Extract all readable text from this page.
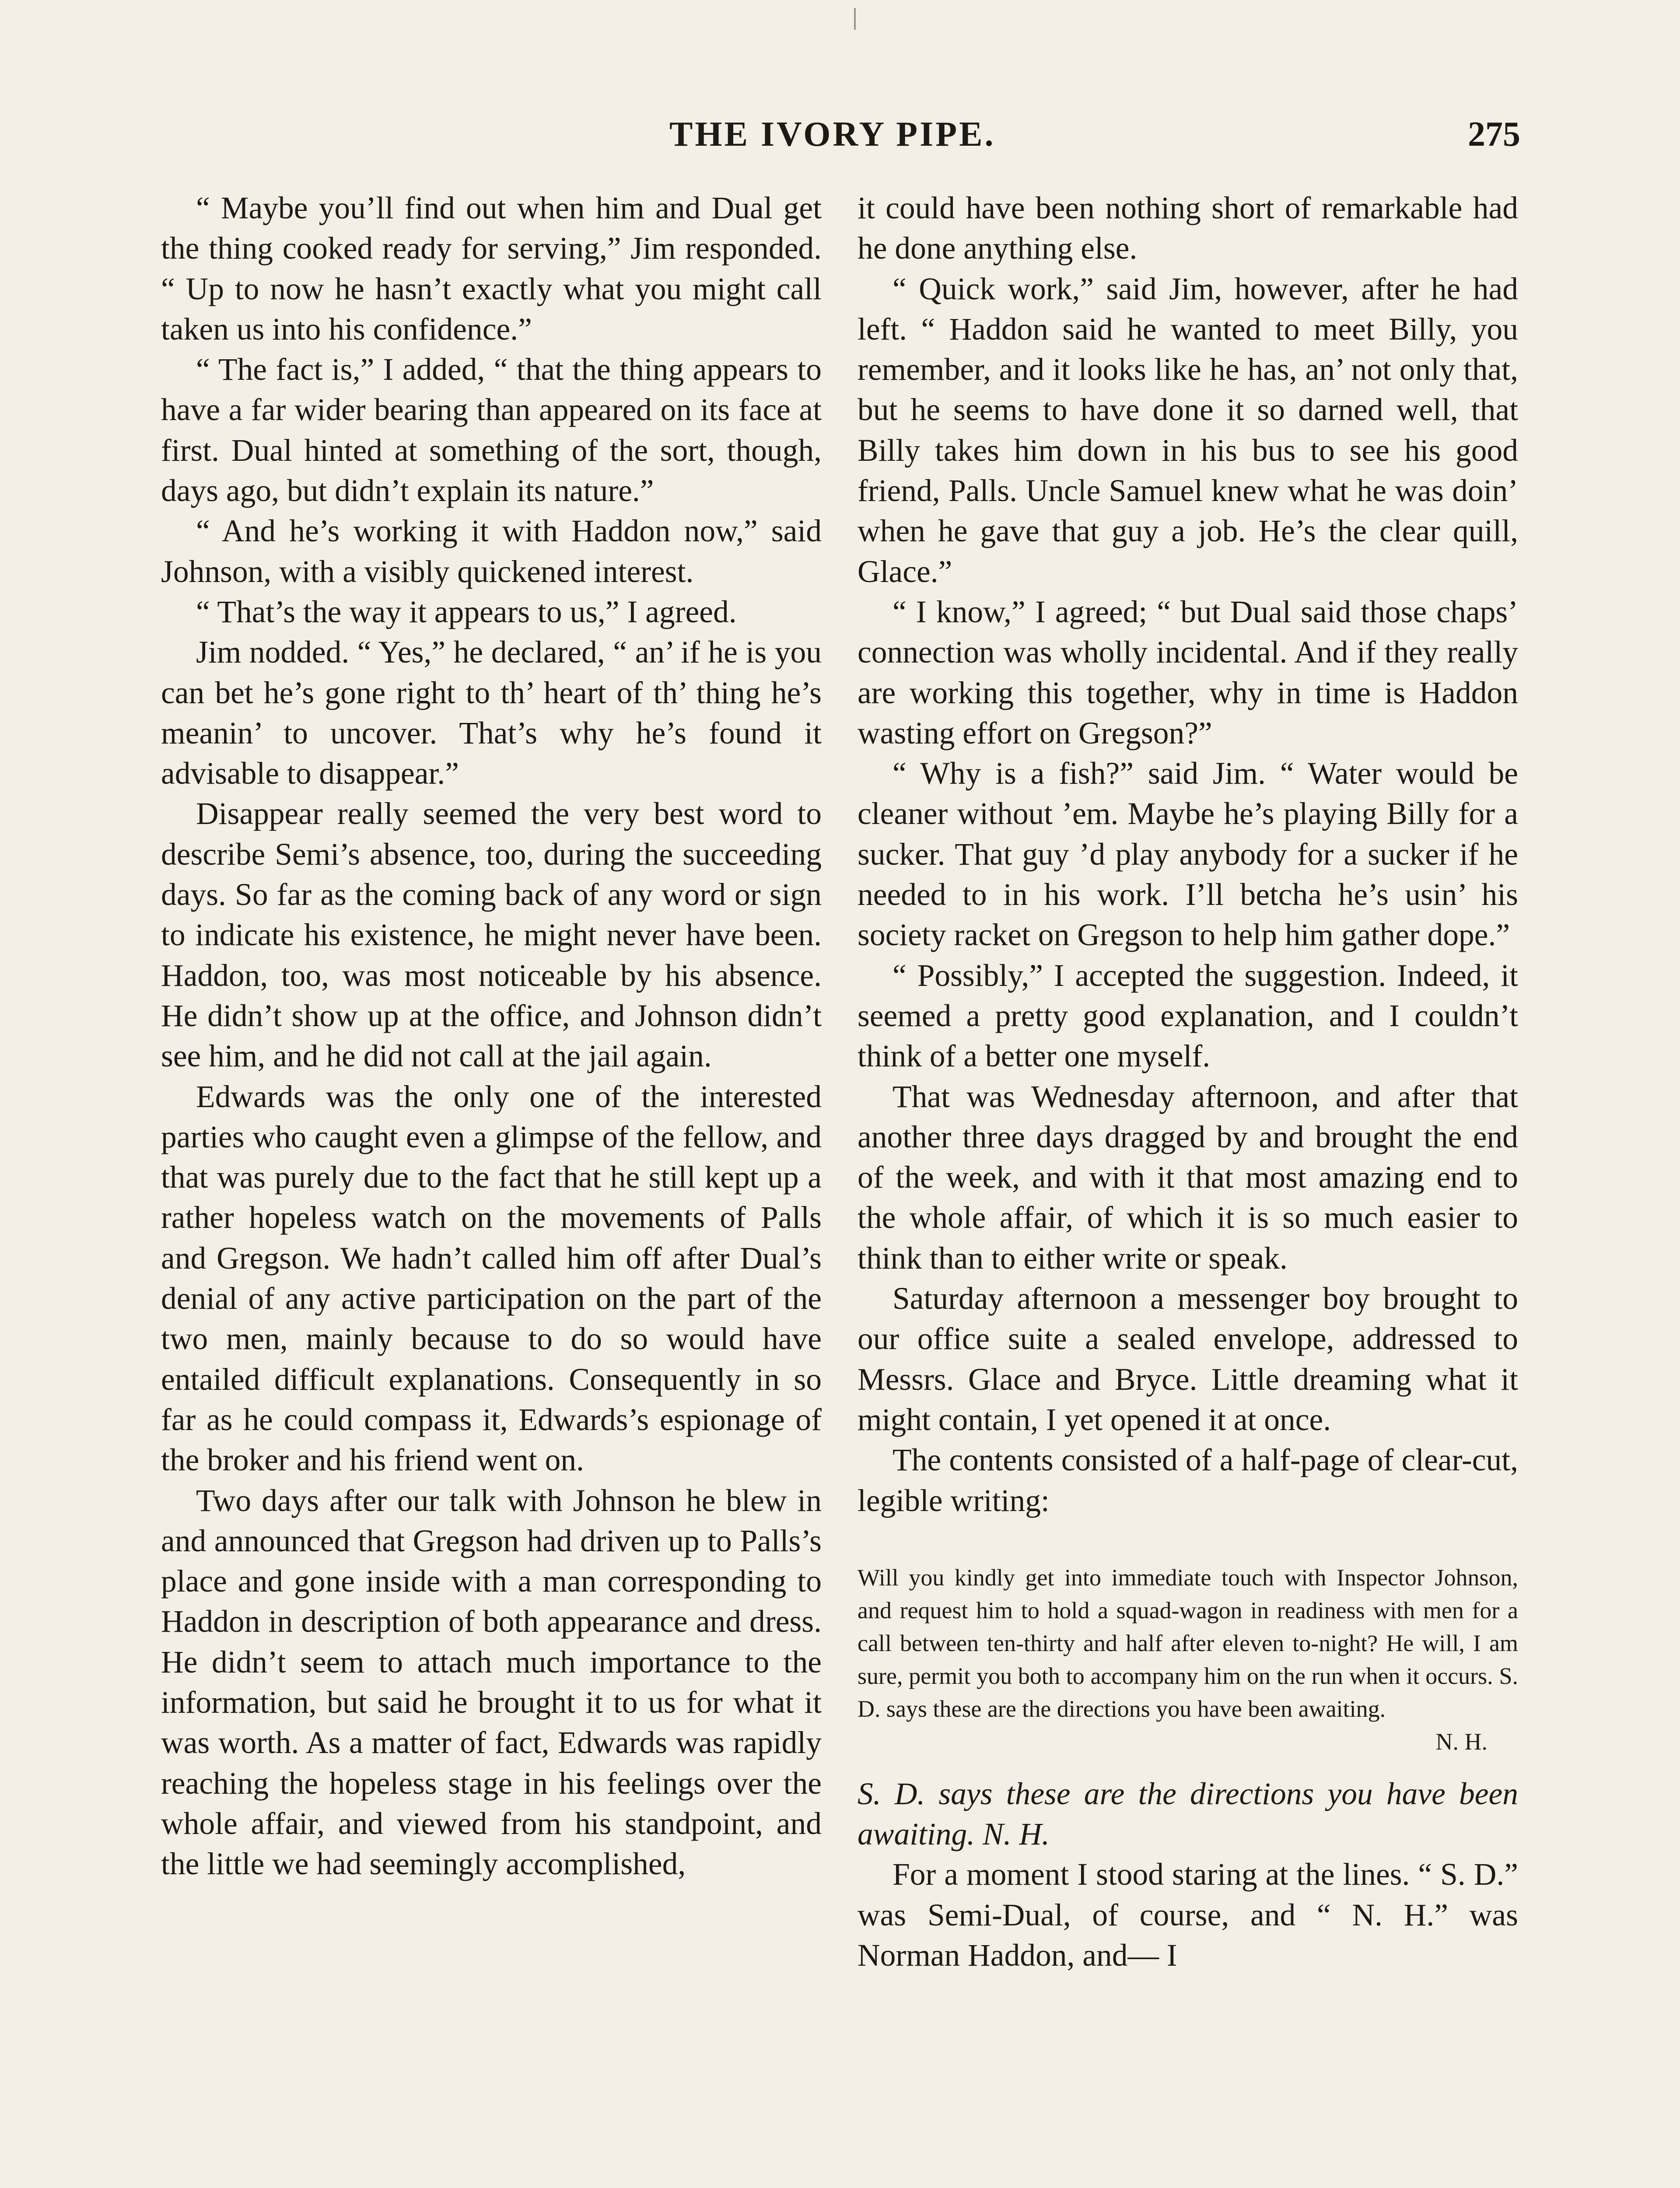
THE IVORY PIPE.	275

“ Maybe you’ll find out when him and Dual get the thing cooked ready for serving,” Jim responded. “ Up to now he hasn’t exactly what you might call taken us into his confidence.”

“ The fact is,” I added, “ that the thing appears to have a far wider bearing than appeared on its face at first. Dual hinted at something of the sort, though, days ago, but didn’t explain its nature.”

“ And he’s working it with Haddon now,” said Johnson, with a visibly quickened interest.

“ That’s the way it appears to us,” I agreed.

Jim nodded. “ Yes,” he declared, “ an’ if he is you can bet he’s gone right to th’ heart of th’ thing he’s meanin’ to uncover. That’s why he’s found it advisable to disappear.”

Disappear really seemed the very best word to describe Semi’s absence, too, during the succeeding days. So far as the coming back of any word or sign to indicate his existence, he might never have been. Haddon, too, was most noticeable by his absence. He didn’t show up at the office, and Johnson didn’t see him, and he did not call at the jail again.

Edwards was the only one of the interested parties who caught even a glimpse of the fellow, and that was purely due to the fact that he still kept up a rather hopeless watch on the movements of Palls and Gregson. We hadn’t called him off after Dual’s denial of any active participation on the part of the two men, mainly because to do so would have entailed difficult explanations. Consequently in so far as he could compass it, Edwards’s espionage of the broker and his friend went on.

Two days after our talk with Johnson he blew in and announced that Gregson had driven up to Palls’s place and gone inside with a man corresponding to Haddon in description of both appearance and dress. He didn’t seem to attach much importance to the information, but said he brought it to us for what it was worth. As a matter of fact, Edwards was rapidly reaching the hopeless stage in his feelings over the whole affair, and viewed from his standpoint, and the little we had seemingly accomplished,

it could have been nothing short of remarkable had he done anything else.

“ Quick work,” said Jim, however, after he had left. “ Haddon said he wanted to meet Billy, you remember, and it looks like he has, an’ not only that, but he seems to have done it so darned well, that Billy takes him down in his bus to see his good friend, Palls. Uncle Samuel knew what he was doin’ when he gave that guy a job. He’s the clear quill, Glace.”

“ I know,” I agreed; “ but Dual said those chaps’ connection was wholly incidental. And if they really are working this together, why in time is Haddon wasting effort on Gregson?”

“ Why is a fish?” said Jim. “ Water would be cleaner without ’em. Maybe he’s playing Billy for a sucker. That guy ’d play anybody for a sucker if he needed to in his work. I’ll betcha he’s usin’ his society racket on Gregson to help him gather dope.”

“ Possibly,” I accepted the suggestion. Indeed, it seemed a pretty good explanation, and I couldn’t think of a better one myself.

That was Wednesday afternoon, and after that another three days dragged by and brought the end of the week, and with it that most amazing end to the whole affair, of which it is so much easier to think than to either write or speak.

Saturday afternoon a messenger boy brought to our office suite a sealed envelope, addressed to Messrs. Glace and Bryce. Little dreaming what it might contain, I yet opened it at once.

The contents consisted of a half-page of clear-cut, legible writing:

Will you kindly get into immediate touch with Inspector Johnson, and request him to hold a squad-wagon in readiness with men for a call between ten-thirty and half after eleven to-night? He will, I am sure, permit you both to accompany him on the run when it occurs. S. D. says these are the directions you have been awaiting.
N. H.

S. D. says these are the directions you have been awaiting. N. H.

For a moment I stood staring at the lines. “ S. D.” was Semi-Dual, of course, and “ N. H.” was Norman Haddon, and— I
